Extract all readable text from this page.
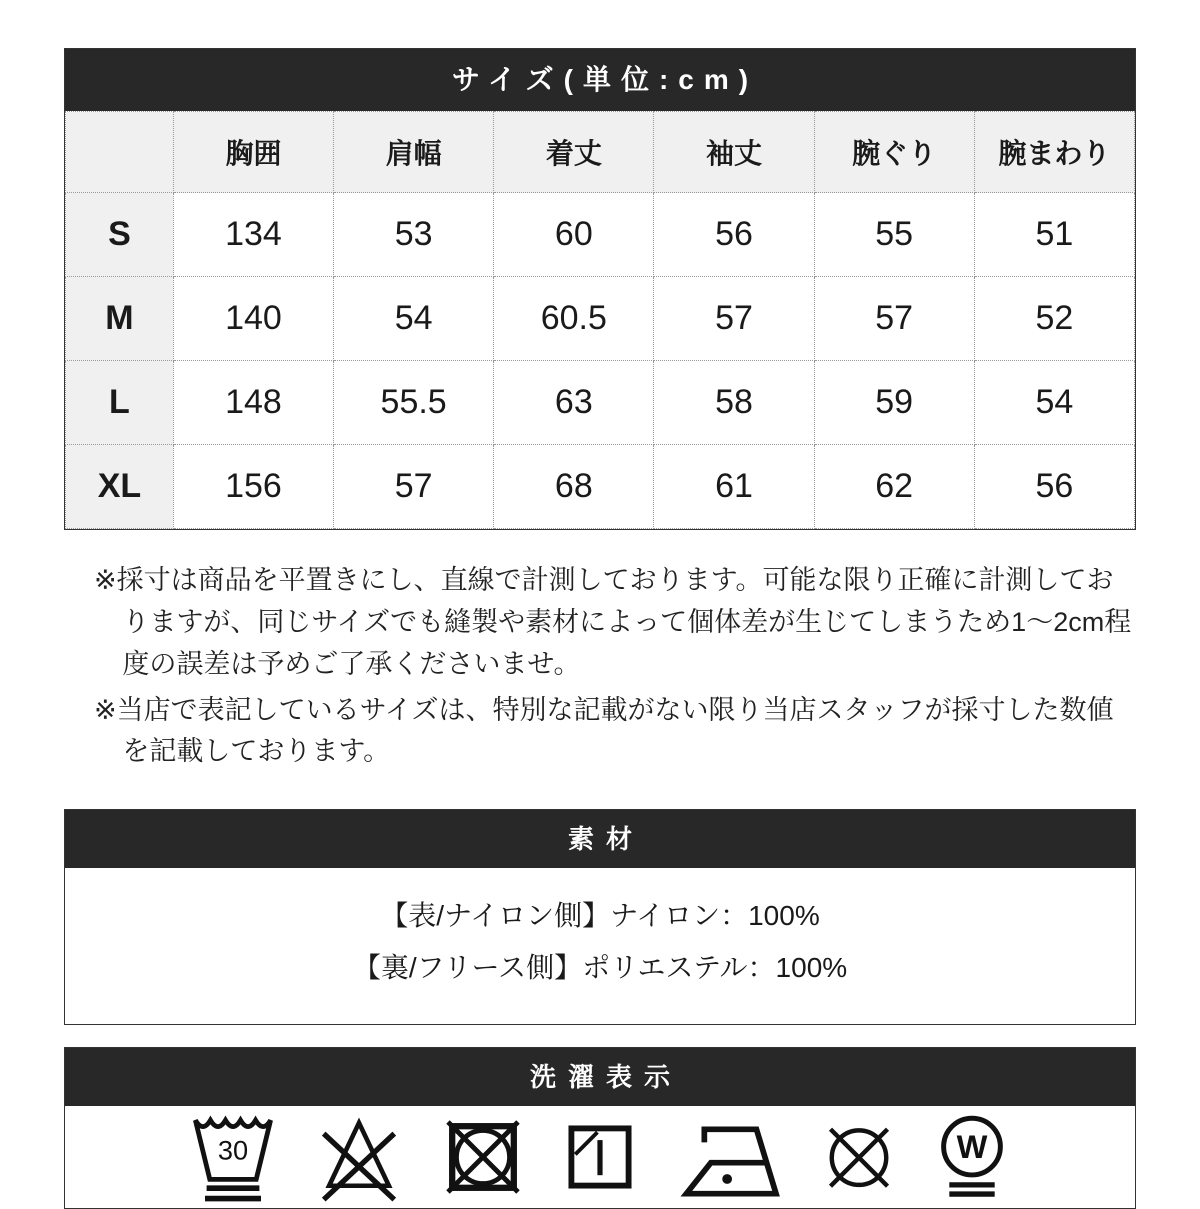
サイズ(単位:cm)
	胸囲	肩幅	着丈	袖丈	腕ぐり	腕まわり
S	134	53	60	56	55	51
M	140	54	60.5	57	57	52
L	148	55.5	63	58	59	54
XL	156	57	68	61	62	56

※採寸は商品を平置きにし、直線で計測しております。可能な限り正確に計測しておりますが、同じサイズでも縫製や素材によって個体差が生じてしまうため1〜2cm程度の誤差は予めご了承くださいませ。

※当店で表記しているサイズは、特別な記載がない限り当店スタッフが採寸した数値を記載しております。

素材
【表/ナイロン側】ナイロン：100%
【裏/フリース側】ポリエステル：100%
洗濯表示
30	W
